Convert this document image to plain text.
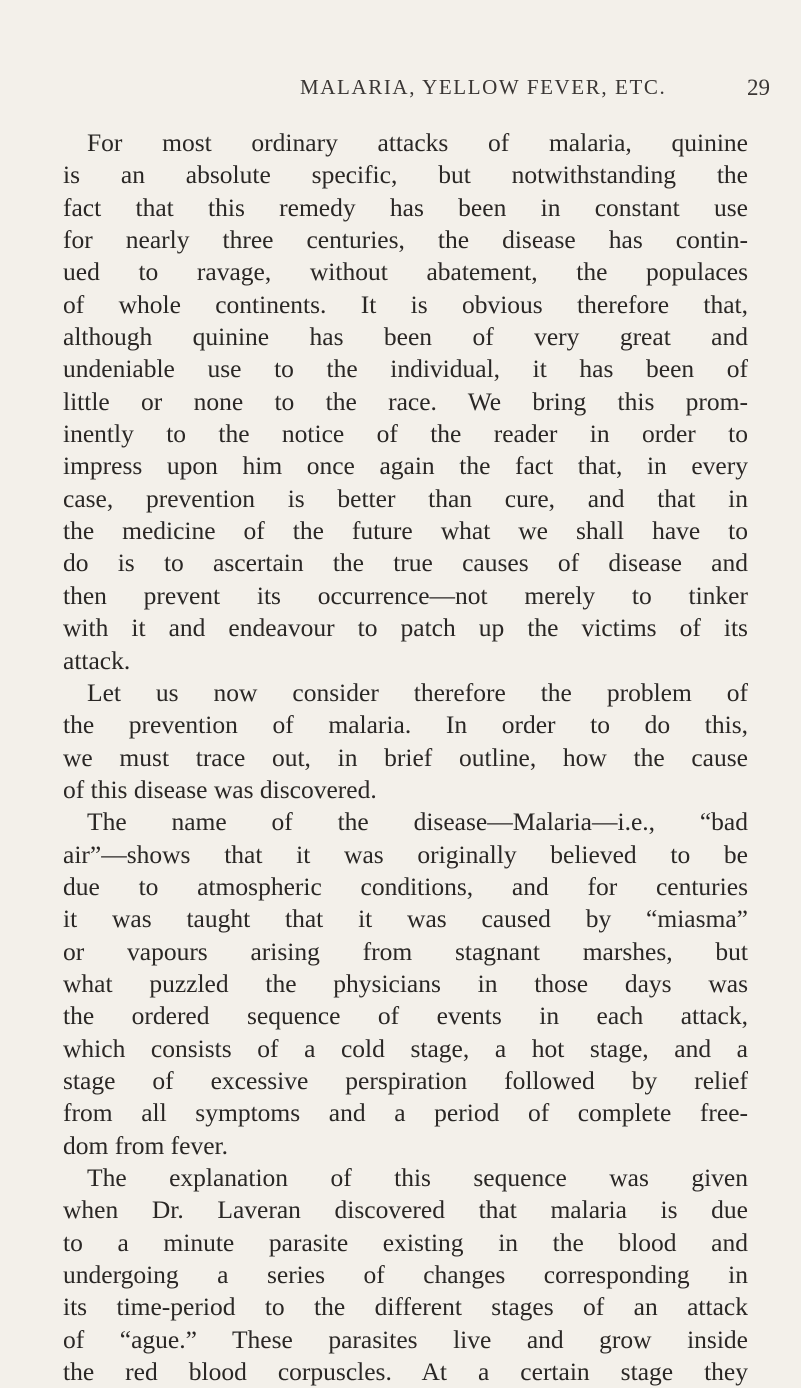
MALARIA, YELLOW FEVER, ETC.	29
For most ordinary attacks of malaria, quinine
is an absolute specific, but notwithstanding the
fact that this remedy has been in constant use
for nearly three centuries, the disease has contin-
ued to ravage, without abatement, the populaces
of whole continents. It is obvious therefore that,
although quinine has been of very great and
undeniable use to the individual, it has been of
little or none to the race. We bring this prom-
inently to the notice of the reader in order to
impress upon him once again the fact that, in every
case, prevention is better than cure, and that in
the medicine of the future what we shall have to
do is to ascertain the true causes of disease and
then prevent its occurrence—not merely to tinker
with it and endeavour to patch up the victims of its
attack.
Let us now consider therefore the problem of
the prevention of malaria. In order to do this,
we must trace out, in brief outline, how the cause
of this disease was discovered.
The name of the disease—Malaria—i.e., “bad
air”—shows that it was originally believed to be
due to atmospheric conditions, and for centuries
it was taught that it was caused by “miasma”
or vapours arising from stagnant marshes, but
what puzzled the physicians in those days was
the ordered sequence of events in each attack,
which consists of a cold stage, a hot stage, and a
stage of excessive perspiration followed by relief
from all symptoms and a period of complete free-
dom from fever.
The explanation of this sequence was given
when Dr. Laveran discovered that malaria is due
to a minute parasite existing in the blood and
undergoing a series of changes corresponding in
its time-period to the different stages of an attack
of “ague.” These parasites live and grow inside
the red blood corpuscles. At a certain stage they
